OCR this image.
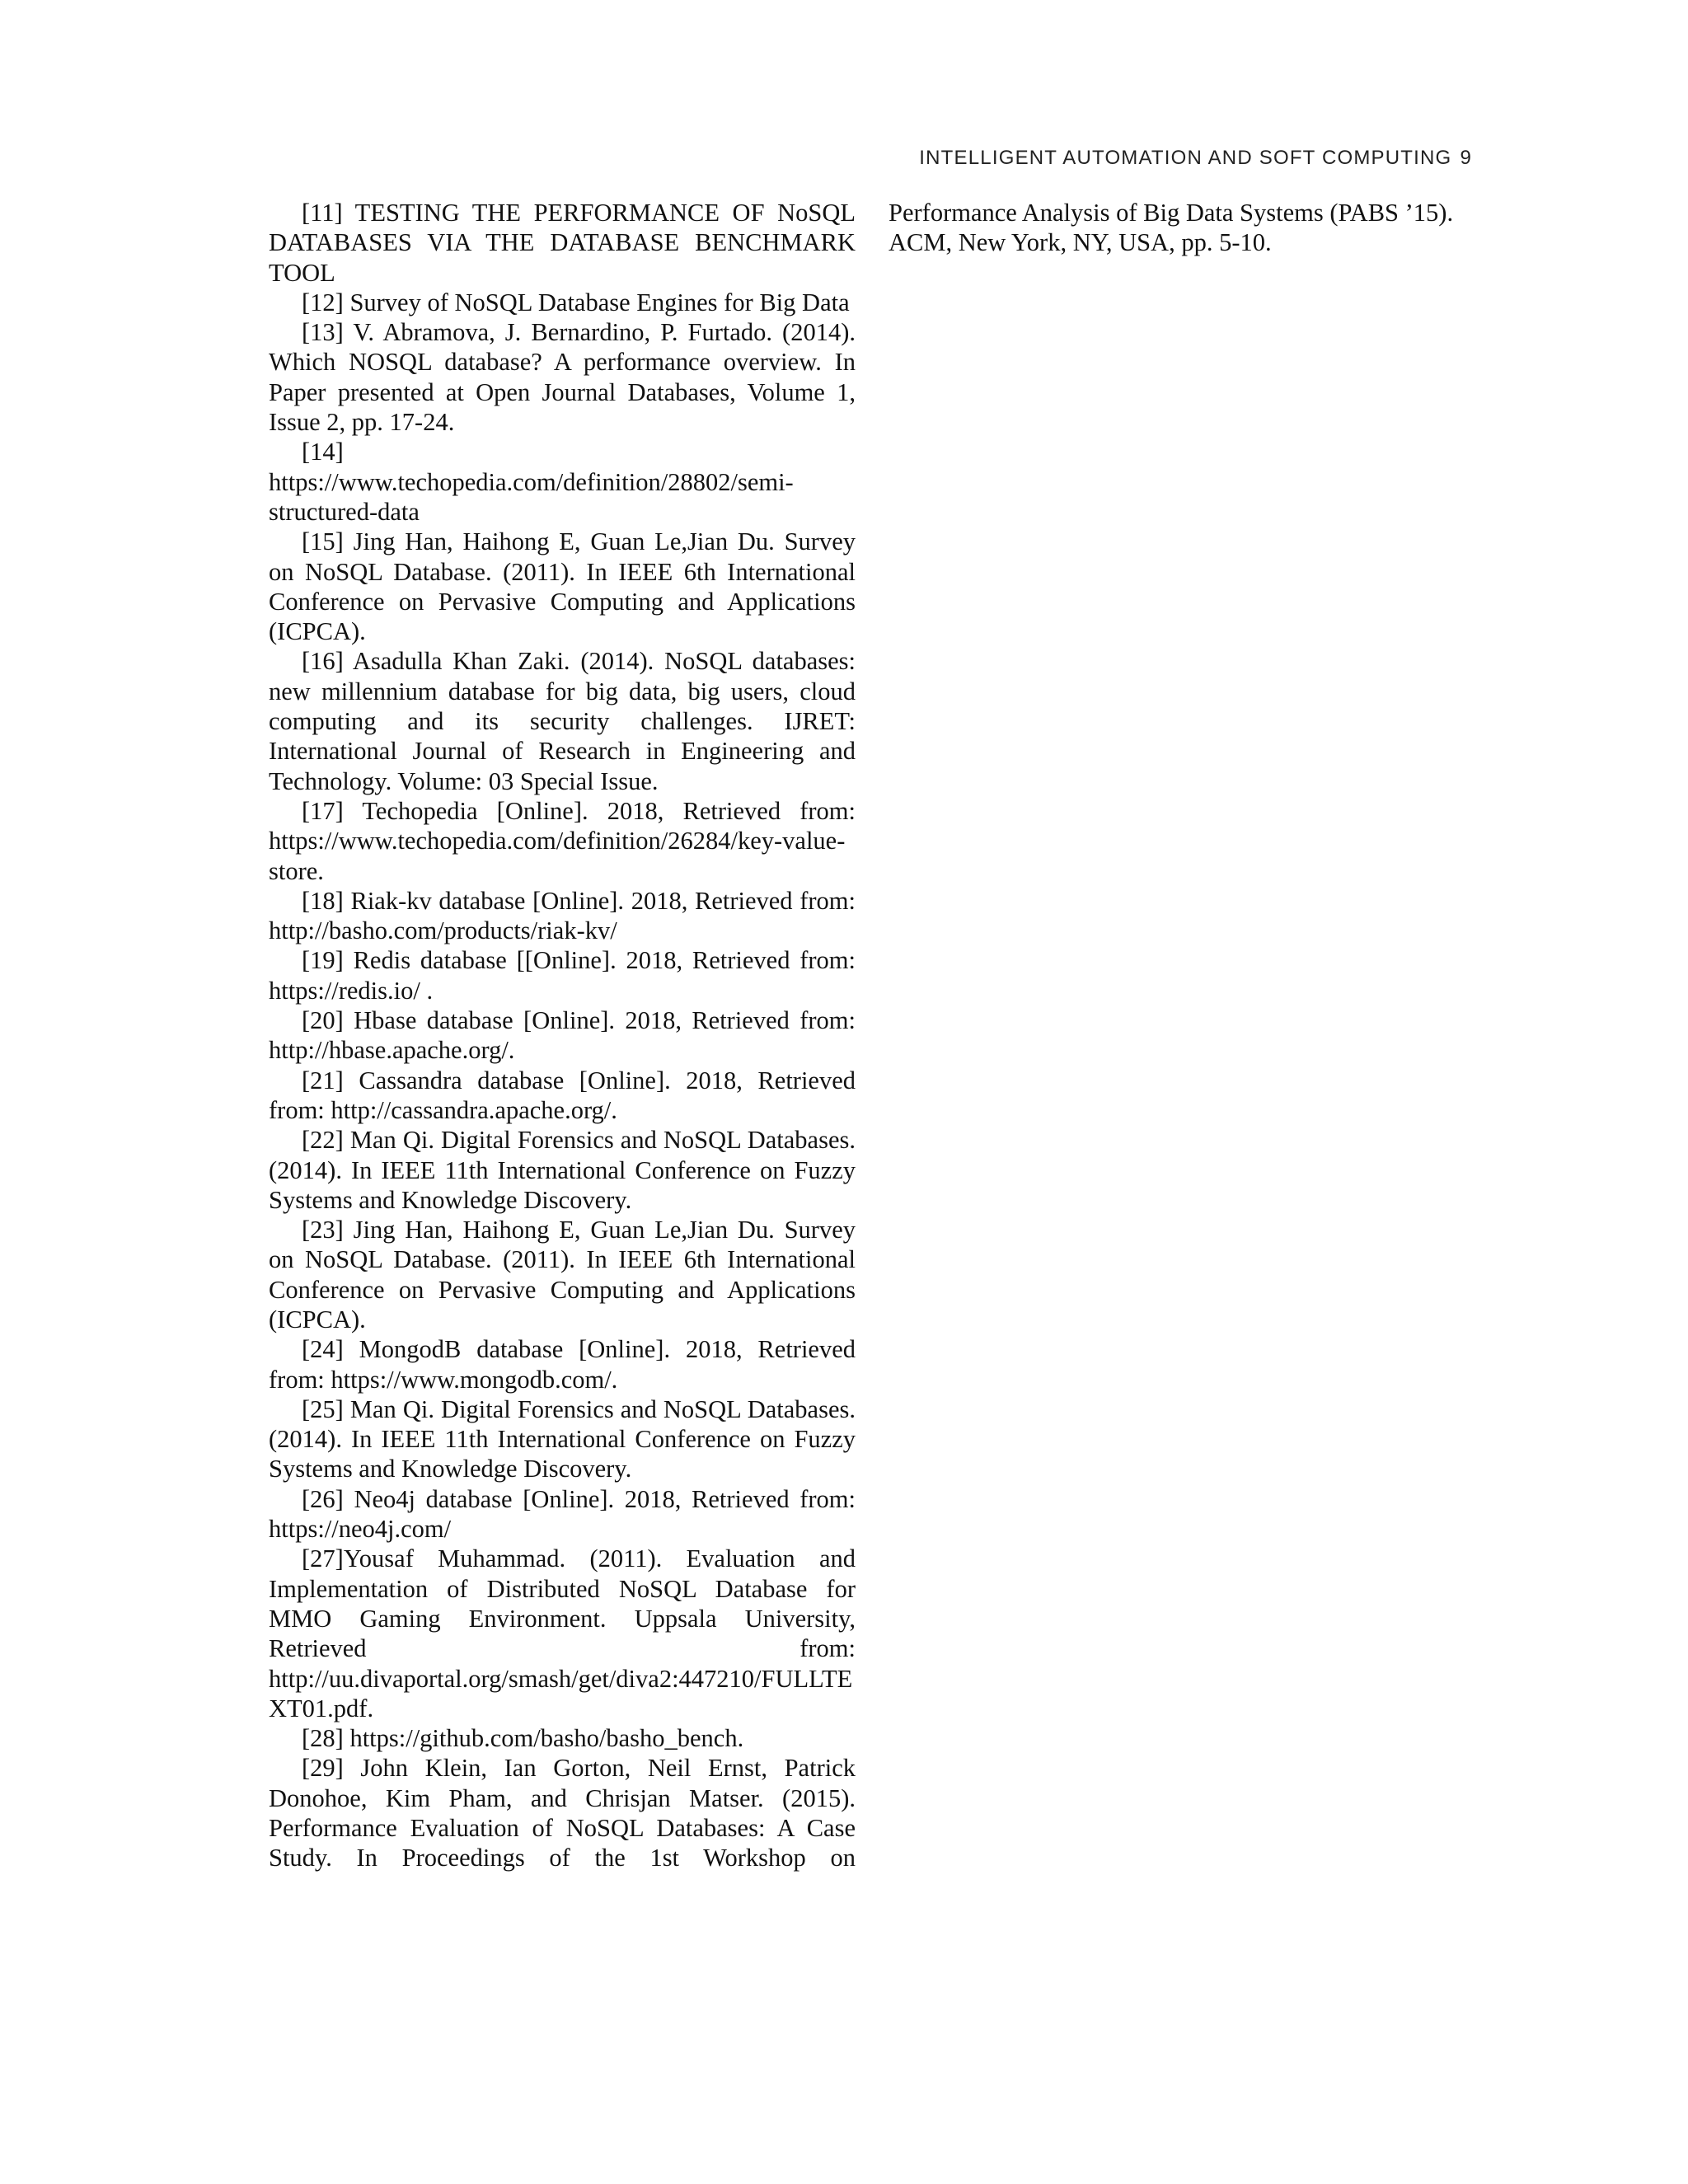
INTELLIGENT AUTOMATION AND SOFT COMPUTING 9

[11] TESTING THE PERFORMANCE OF NoSQL DATABASES VIA THE DATABASE BENCHMARK TOOL

[12] Survey of NoSQL Database Engines for Big Data

[13] V. Abramova, J. Bernardino, P. Furtado. (2014). Which NOSQL database? A performance overview. In Paper presented at Open Journal Databases, Volume 1, Issue 2, pp. 17-24.

[14] https://www.techopedia.com/definition/28802/semi-structured-data

[15] Jing Han, Haihong E, Guan Le,Jian Du. Survey on NoSQL Database. (2011). In IEEE 6th International Conference on Pervasive Computing and Applications (ICPCA).

[16] Asadulla Khan Zaki. (2014). NoSQL databases: new millennium database for big data, big users, cloud computing and its security challenges. IJRET: International Journal of Research in Engineering and Technology. Volume: 03 Special Issue.

[17] Techopedia [Online]. 2018, Retrieved from: https://www.techopedia.com/definition/26284/key-value-store.

[18] Riak-kv database [Online]. 2018, Retrieved from: http://basho.com/products/riak-kv/

[19] Redis database [[Online]. 2018, Retrieved from: https://redis.io/ .

[20] Hbase database [Online]. 2018, Retrieved from: http://hbase.apache.org/.

[21] Cassandra database [Online]. 2018, Retrieved from: http://cassandra.apache.org/.

[22] Man Qi. Digital Forensics and NoSQL Databases. (2014). In IEEE 11th International Conference on Fuzzy Systems and Knowledge Discovery.

[23] Jing Han, Haihong E, Guan Le,Jian Du. Survey on NoSQL Database. (2011). In IEEE 6th International Conference on Pervasive Computing and Applications (ICPCA).

[24] MongodB database [Online]. 2018, Retrieved from: https://www.mongodb.com/.

[25] Man Qi. Digital Forensics and NoSQL Databases. (2014). In IEEE 11th International Conference on Fuzzy Systems and Knowledge Discovery.

[26] Neo4j database [Online]. 2018, Retrieved from: https://neo4j.com/

[27]Yousaf Muhammad. (2011). Evaluation and Implementation of Distributed NoSQL Database for MMO Gaming Environment. Uppsala University, Retrieved from: http://uu.divaportal.org/smash/get/diva2:447210/FULLTEXT01.pdf.

[28] https://github.com/basho/basho_bench.

[29] John Klein, Ian Gorton, Neil Ernst, Patrick Donohoe, Kim Pham, and Chrisjan Matser. (2015). Performance Evaluation of NoSQL Databases: A Case Study. In Proceedings of the 1st Workshop on

Performance Analysis of Big Data Systems (PABS ’15). ACM, New York, NY, USA, pp. 5-10.
